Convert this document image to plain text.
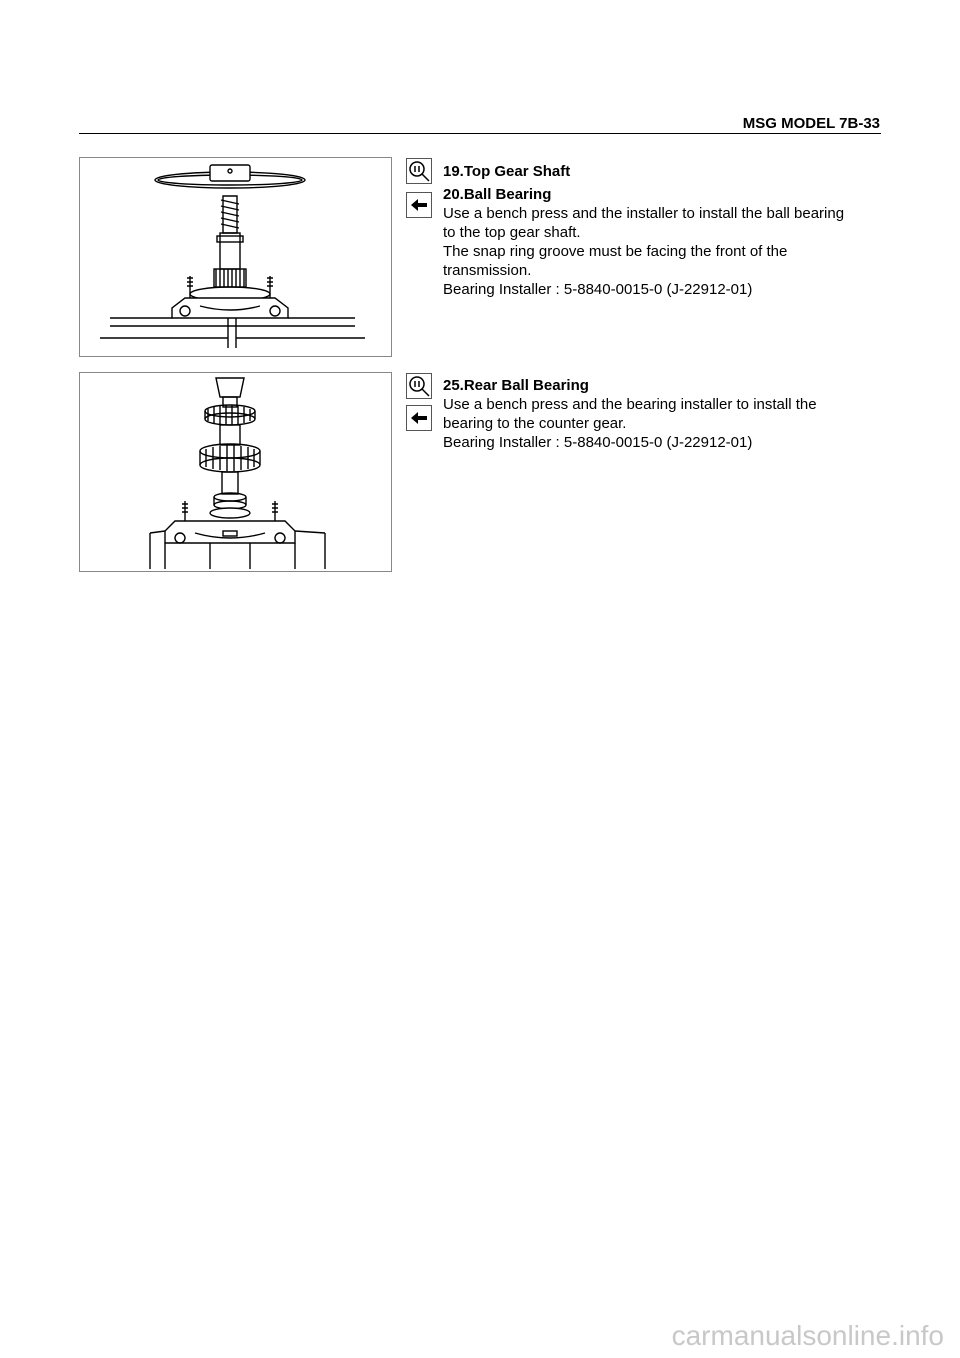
MSG MODEL 7B-33

19.Top Gear Shaft

20.Ball Bearing

Use a bench press and the installer to install the ball bearing

to the top gear shaft.

The snap ring groove must be facing the front of the

transmission.

Bearing Installer : 5-8840-0015-0 (J-22912-01)

25.Rear Ball Bearing

Use a bench press and the bearing installer to install the

bearing to the counter gear.

Bearing Installer : 5-8840-0015-0 (J-22912-01)

carmanualsonline.info
